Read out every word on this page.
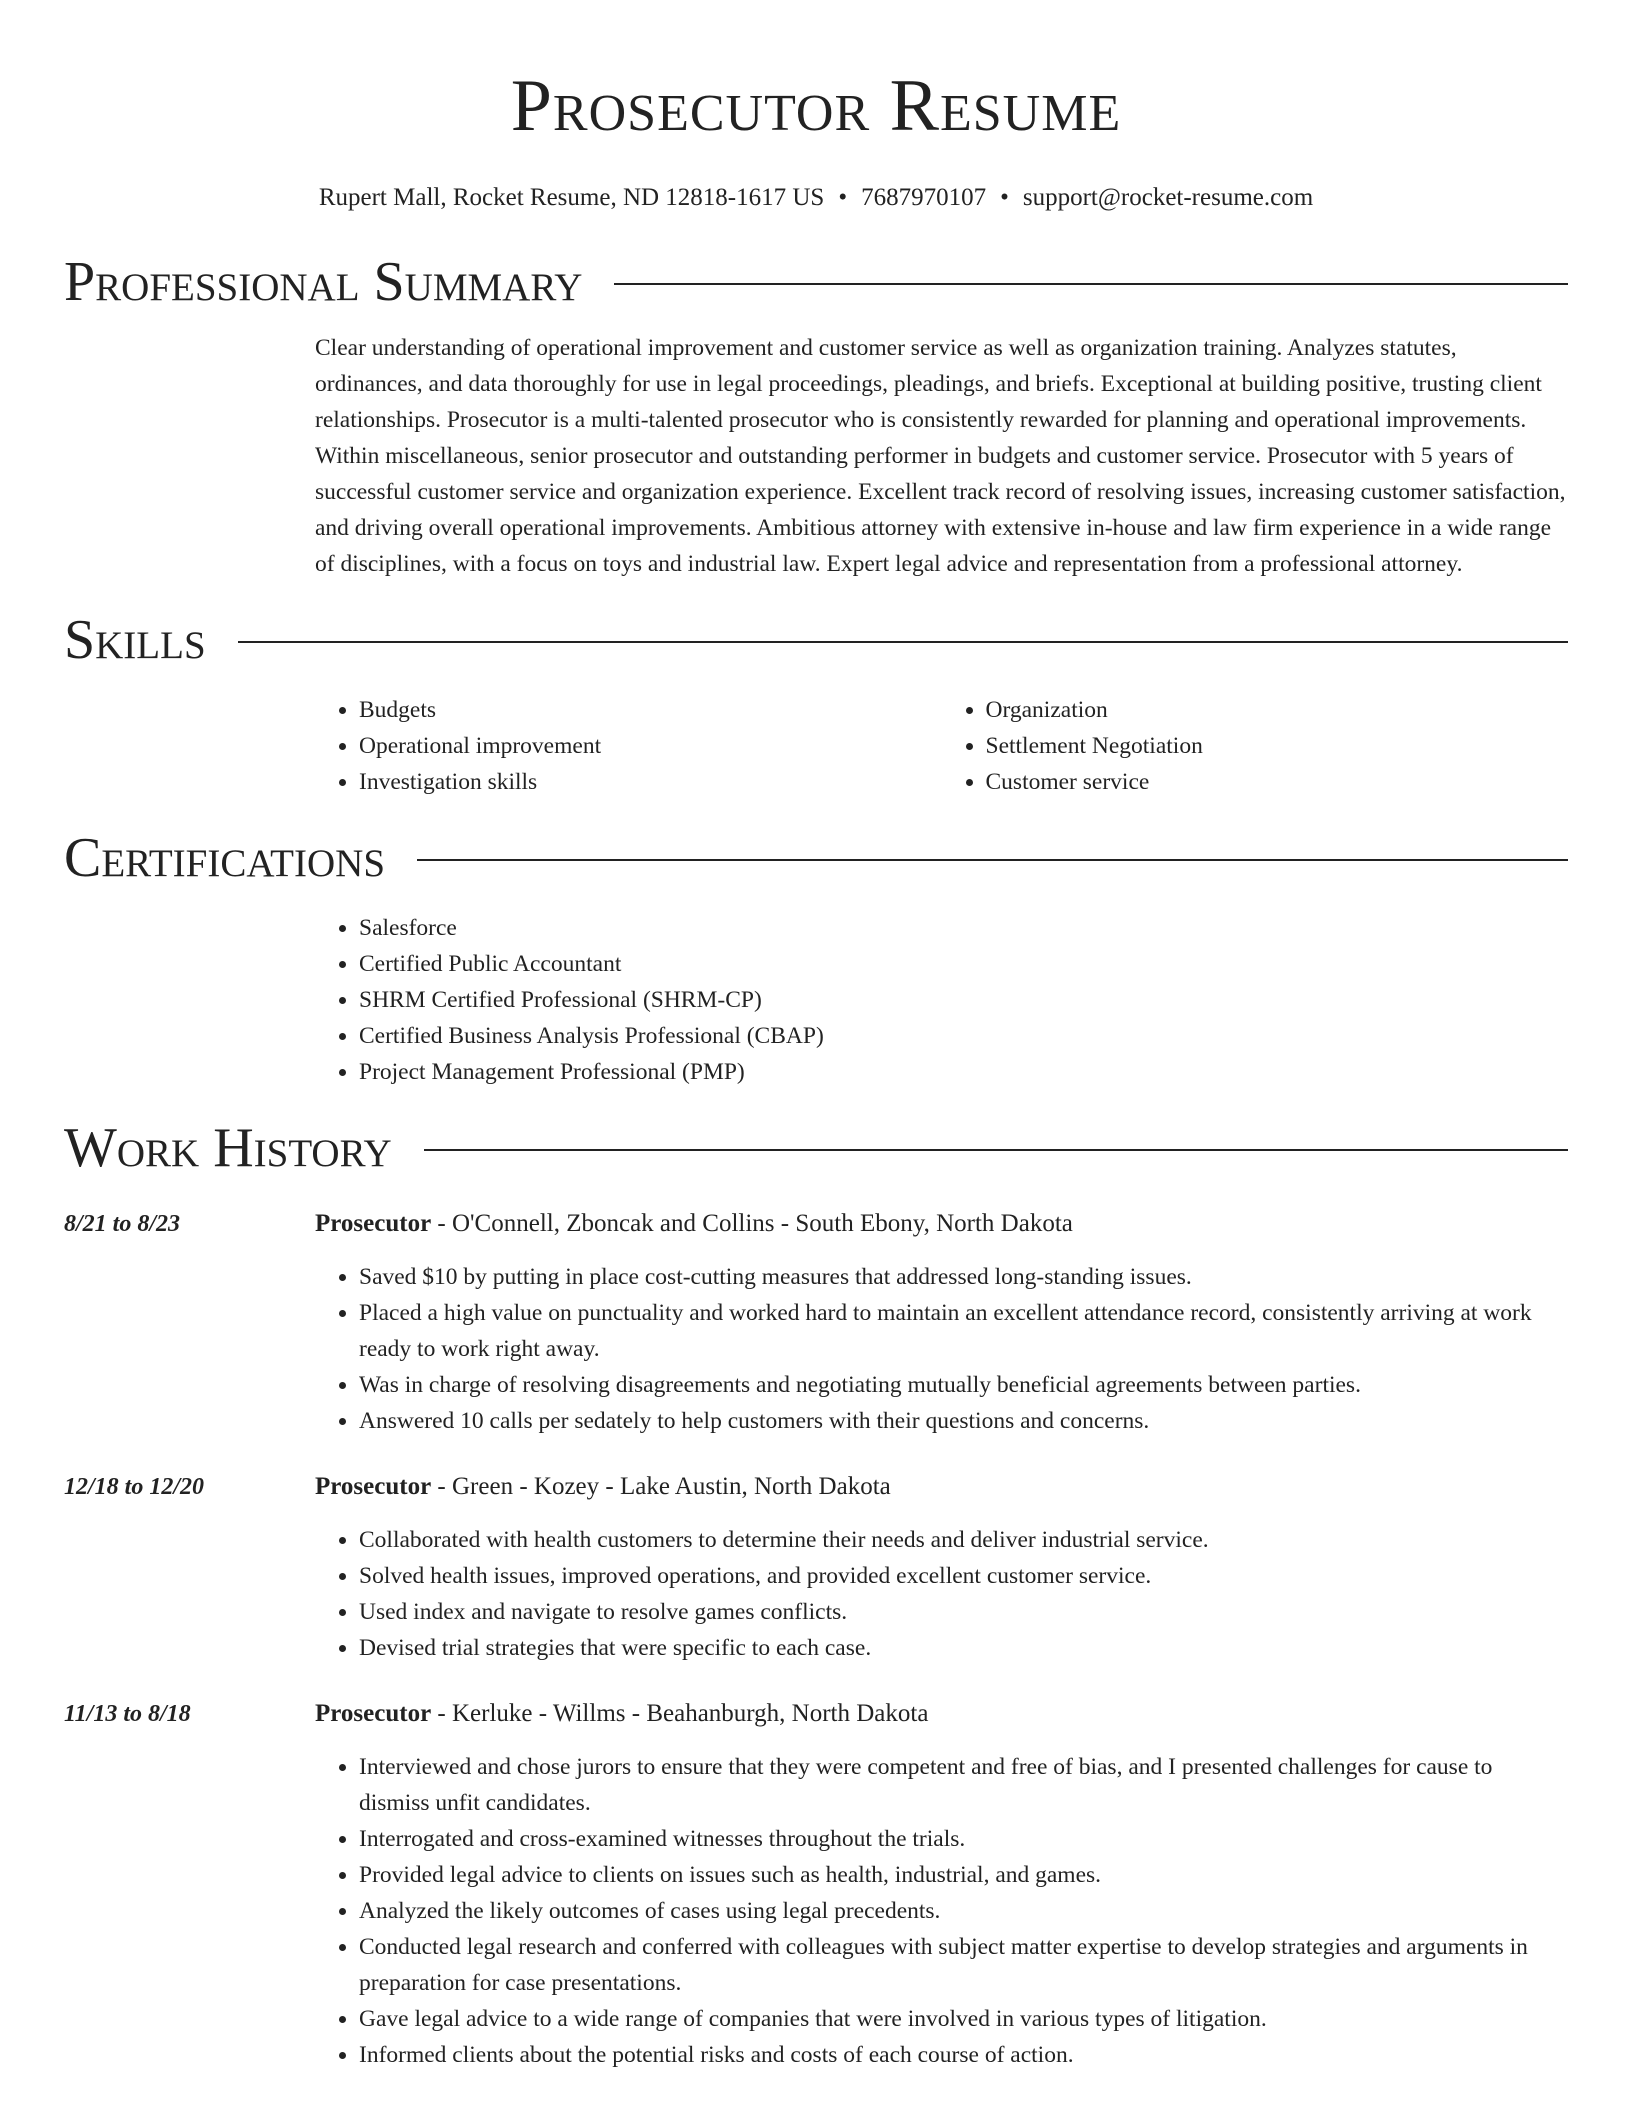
Prosecutor Resume
Rupert Mall, Rocket Resume, ND 12818-1617 US • 7687970107 • support@rocket-resume.com
Professional Summary
Clear understanding of operational improvement and customer service as well as organization training. Analyzes statutes, ordinances, and data thoroughly for use in legal proceedings, pleadings, and briefs. Exceptional at building positive, trusting client relationships. Prosecutor is a multi-talented prosecutor who is consistently rewarded for planning and operational improvements. Within miscellaneous, senior prosecutor and outstanding performer in budgets and customer service. Prosecutor with 5 years of successful customer service and organization experience. Excellent track record of resolving issues, increasing customer satisfaction, and driving overall operational improvements. Ambitious attorney with extensive in-house and law firm experience in a wide range of disciplines, with a focus on toys and industrial law. Expert legal advice and representation from a professional attorney.
Skills
• Budgets
• Operational improvement
• Investigation skills
• Organization
• Settlement Negotiation
• Customer service
Certifications
• Salesforce
• Certified Public Accountant
• SHRM Certified Professional (SHRM-CP)
• Certified Business Analysis Professional (CBAP)
• Project Management Professional (PMP)
Work History
8/21 to 8/23	Prosecutor - O'Connell, Zboncak and Collins - South Ebony, North Dakota
• Saved $10 by putting in place cost-cutting measures that addressed long-standing issues.
• Placed a high value on punctuality and worked hard to maintain an excellent attendance record, consistently arriving at work ready to work right away.
• Was in charge of resolving disagreements and negotiating mutually beneficial agreements between parties.
• Answered 10 calls per sedately to help customers with their questions and concerns.
12/18 to 12/20	Prosecutor - Green - Kozey - Lake Austin, North Dakota
• Collaborated with health customers to determine their needs and deliver industrial service.
• Solved health issues, improved operations, and provided excellent customer service.
• Used index and navigate to resolve games conflicts.
• Devised trial strategies that were specific to each case.
11/13 to 8/18	Prosecutor - Kerluke - Willms - Beahanburgh, North Dakota
• Interviewed and chose jurors to ensure that they were competent and free of bias, and I presented challenges for cause to dismiss unfit candidates.
• Interrogated and cross-examined witnesses throughout the trials.
• Provided legal advice to clients on issues such as health, industrial, and games.
• Analyzed the likely outcomes of cases using legal precedents.
• Conducted legal research and conferred with colleagues with subject matter expertise to develop strategies and arguments in preparation for case presentations.
• Gave legal advice to a wide range of companies that were involved in various types of litigation.
• Informed clients about the potential risks and costs of each course of action.
